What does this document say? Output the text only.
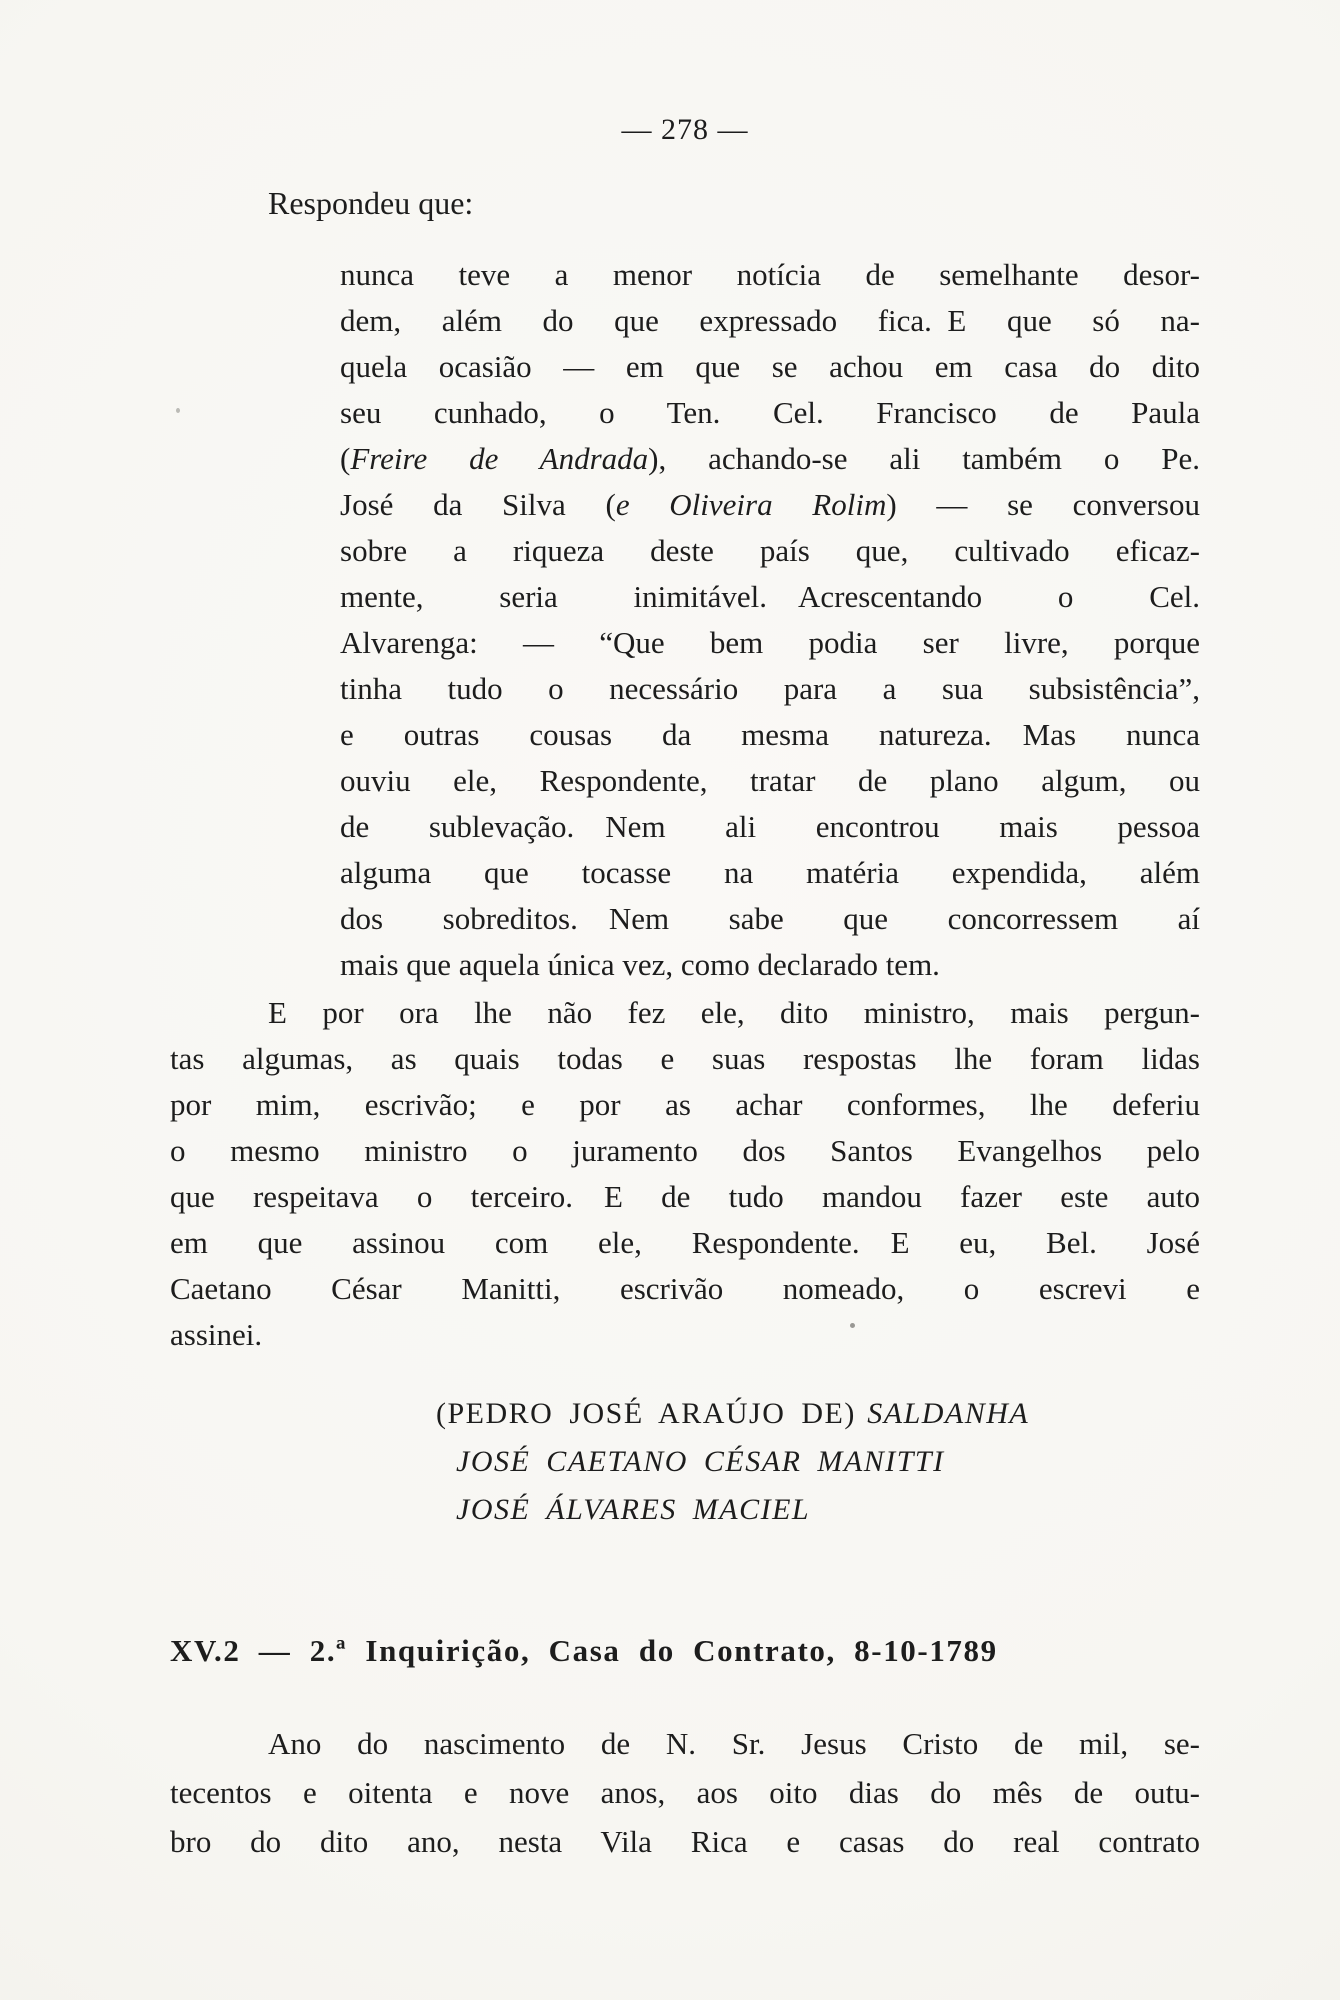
— 278 —
Respondeu que:
nunca teve a menor notícia de semelhante desor-
dem, além do que expressado fica. E que só na-
quela ocasião — em que se achou em casa do dito
seu cunhado, o Ten. Cel. Francisco de Paula
(Freire de Andrada), achando-se ali também o Pe.
José da Silva (e Oliveira Rolim) — se conversou
sobre a riqueza deste país que, cultivado eficaz-
mente, seria inimitável. Acrescentando o Cel.
Alvarenga: — “Que bem podia ser livre, porque
tinha tudo o necessário para a sua subsistência”,
e outras cousas da mesma natureza. Mas nunca
ouviu ele, Respondente, tratar de plano algum, ou
de sublevação. Nem ali encontrou mais pessoa
alguma que tocasse na matéria expendida, além
dos sobreditos. Nem sabe que concorressem aí
mais que aquela única vez, como declarado tem.
E por ora lhe não fez ele, dito ministro, mais pergun-
tas algumas, as quais todas e suas respostas lhe foram lidas
por mim, escrivão; e por as achar conformes, lhe deferiu
o mesmo ministro o juramento dos Santos Evangelhos pelo
que respeitava o terceiro. E de tudo mandou fazer este auto
em que assinou com ele, Respondente. E eu, Bel. José
Caetano César Manitti, escrivão nomeado, o escrevi e
assinei.
(PEDRO JOSÉ ARAÚJO DE) SALDANHA
JOSÉ CAETANO CÉSAR MANITTI
JOSÉ ÁLVARES MACIEL
XV.2 — 2.ª Inquirição, Casa do Contrato, 8-10-1789
Ano do nascimento de N. Sr. Jesus Cristo de mil, se-
tecentos e oitenta e nove anos, aos oito dias do mês de outu-
bro do dito ano, nesta Vila Rica e casas do real contrato
